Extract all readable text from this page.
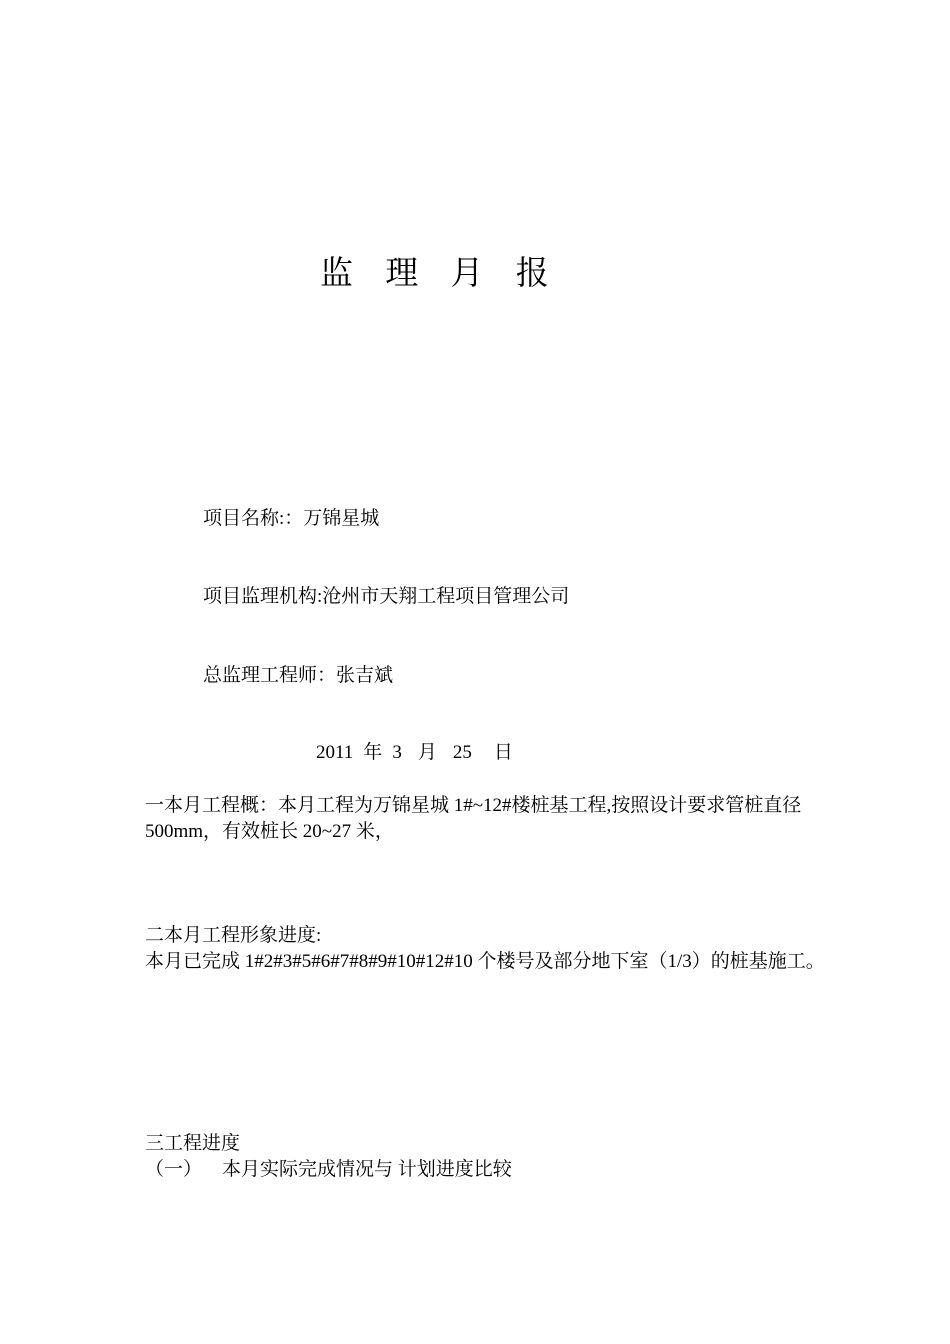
监 理 月 报
项目名称:：万锦星城
项目监理机构:沧州市天翔工程项目管理公司
总监理工程师：张吉斌
2011 年 3 月 25 日
一本月工程概：本月工程为万锦星城 1#~12#楼桩基工程,按照设计要求管桩直径
500mm，有效桩长 20~27 米，
二本月工程形象进度:
本月已完成 1#2#3#5#6#7#8#9#10#12#10 个楼号及部分地下室（1/3）的桩基施工。
三工程进度
（一） 本月实际完成情况与 计划进度比较
